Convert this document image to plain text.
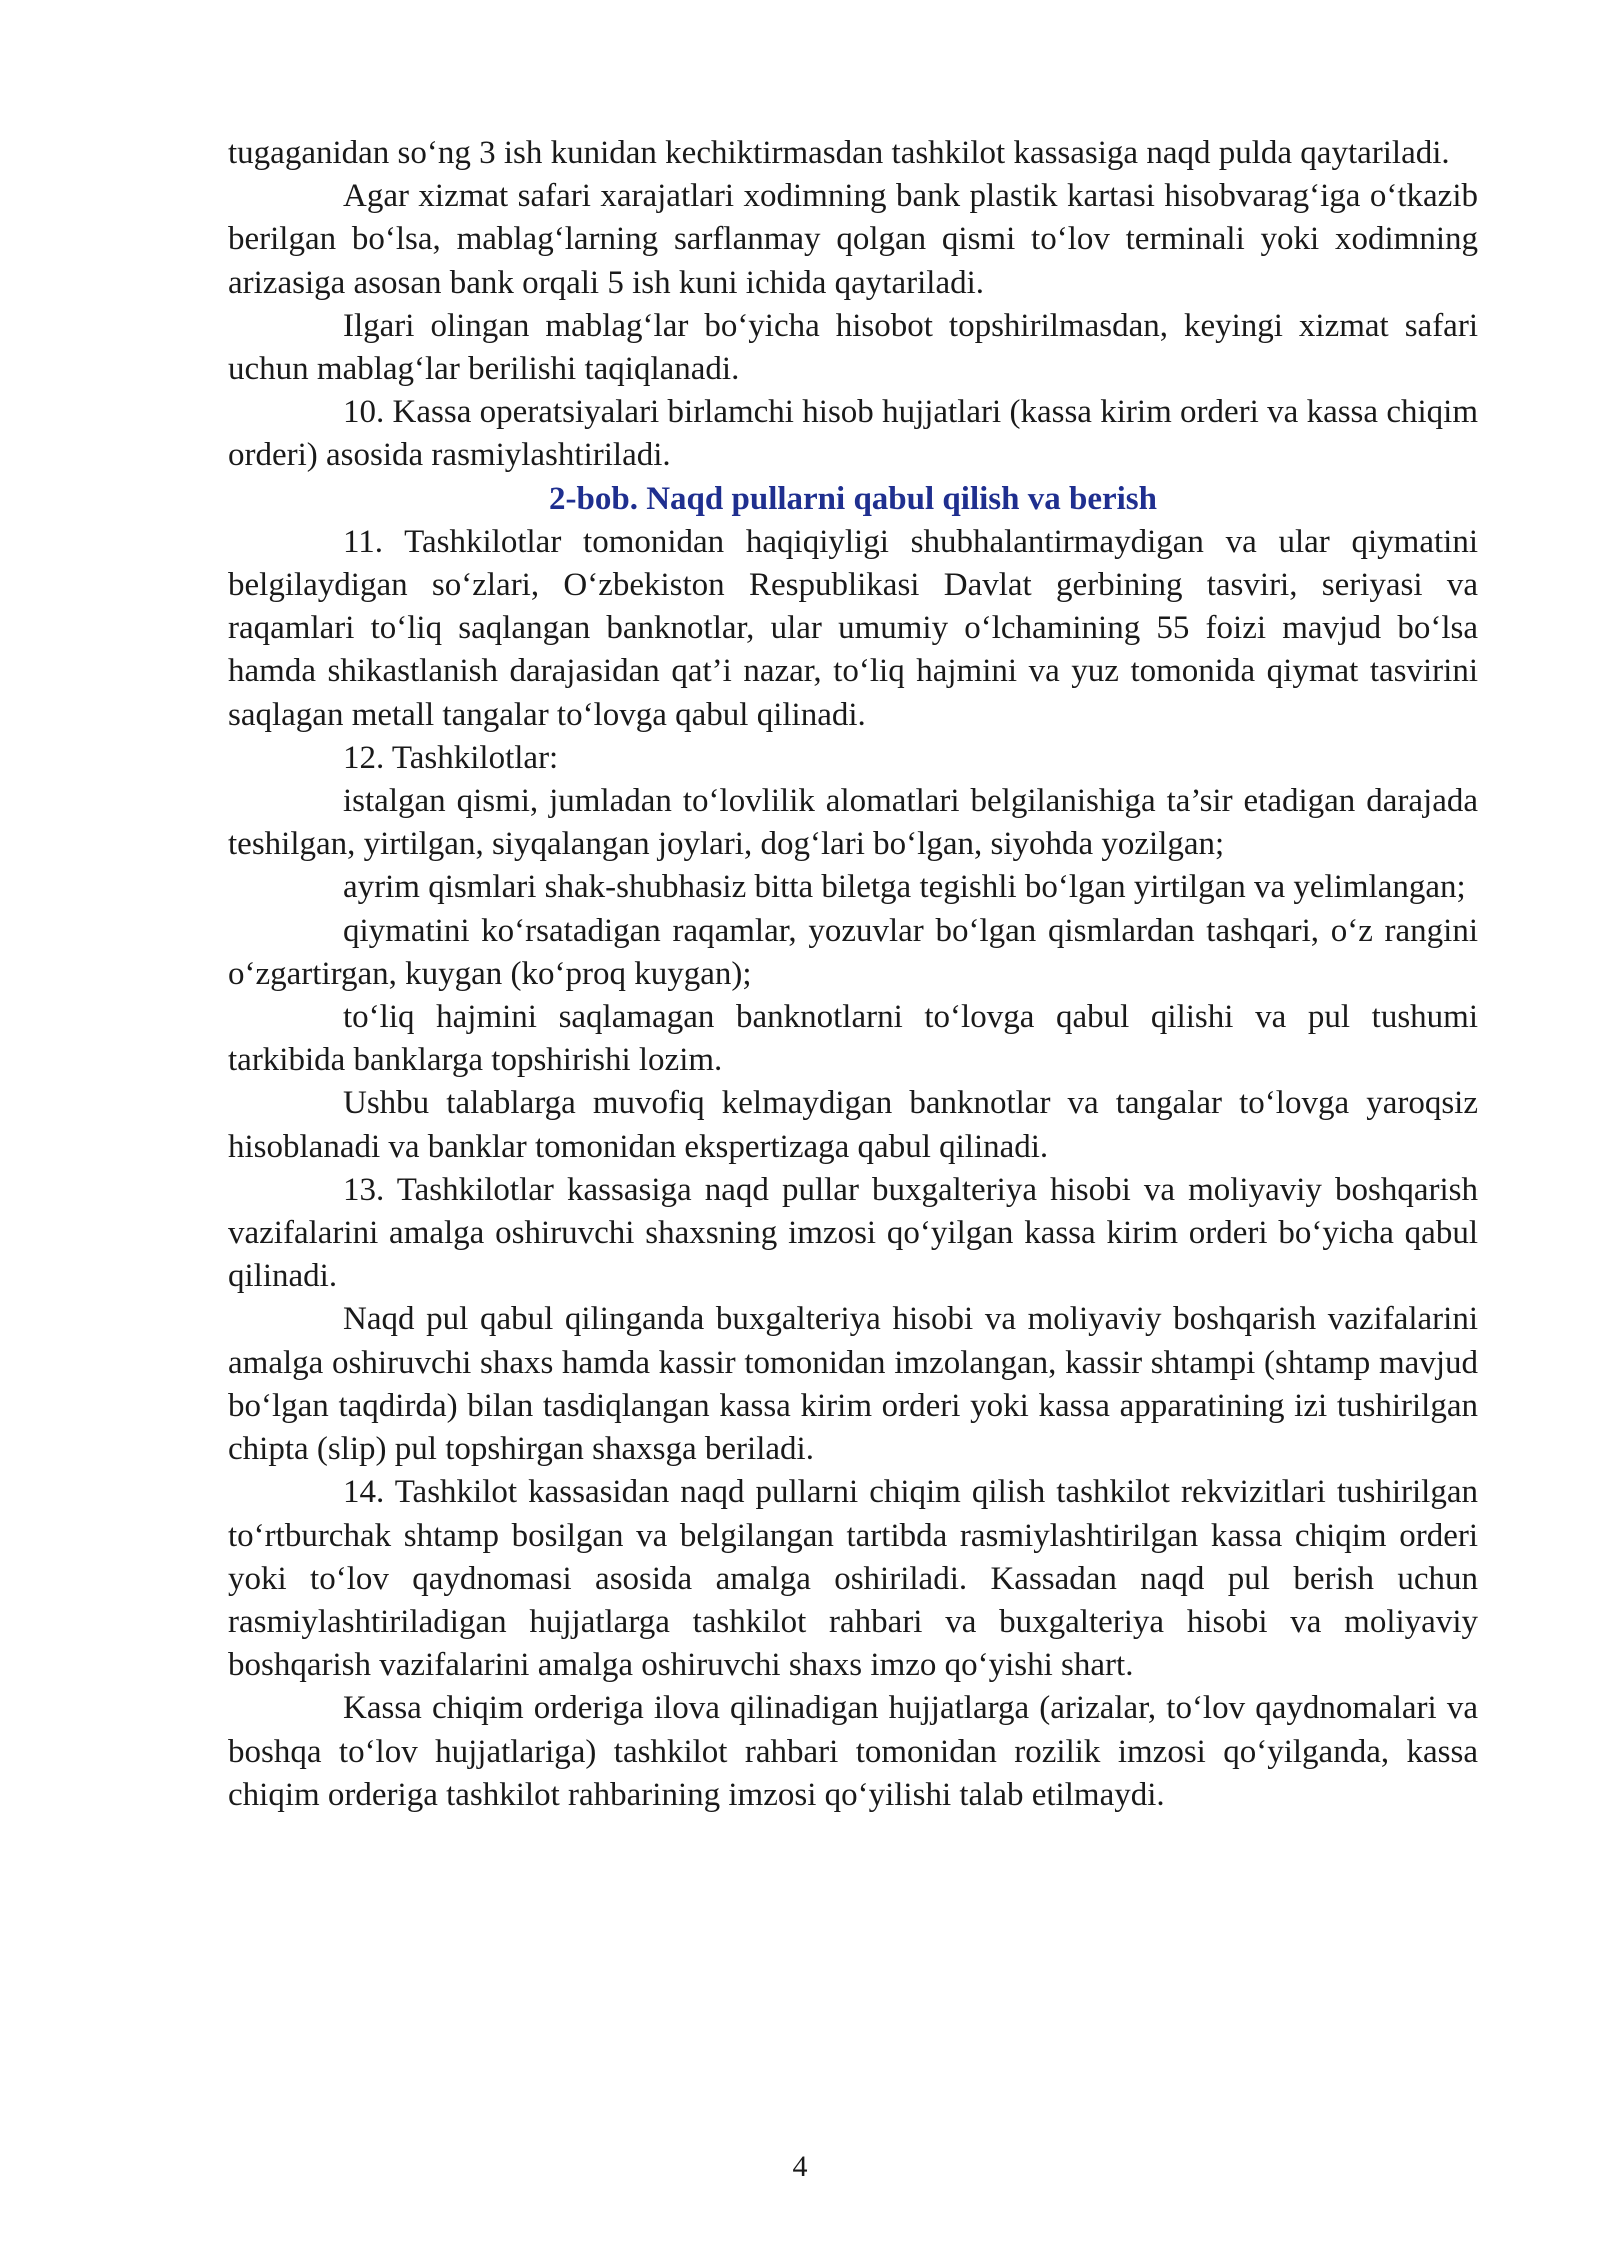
tugaganidan so‘ng 3 ish kunidan kechiktirmasdan tashkilot kassasiga naqd pulda qaytariladi.

Agar xizmat safari xarajatlari xodimning bank plastik kartasi hisobvarag‘iga o‘tkazib berilgan bo‘lsa, mablag‘larning sarflanmay qolgan qismi to‘lov terminali yoki xodimning arizasiga asosan bank orqali 5 ish kuni ichida qaytariladi.

Ilgari olingan mablag‘lar bo‘yicha hisobot topshirilmasdan, keyingi xizmat safari uchun mablag‘lar berilishi taqiqlanadi.

10. Kassa operatsiyalari birlamchi hisob hujjatlari (kassa kirim orderi va kassa chiqim orderi) asosida rasmiylashtiriladi.

2-bob. Naqd pullarni qabul qilish va berish

11. Tashkilotlar tomonidan haqiqiyligi shubhalantirmaydigan va ular qiymatini belgilaydigan so‘zlari, O‘zbekiston Respublikasi Davlat gerbining tasviri, seriyasi va raqamlari to‘liq saqlangan banknotlar, ular umumiy o‘lchamining 55 foizi mavjud bo‘lsa hamda shikastlanish darajasidan qat’i nazar, to‘liq hajmini va yuz tomonida qiymat tasvirini saqlagan metall tangalar to‘lovga qabul qilinadi.

12. Tashkilotlar:

istalgan qismi, jumladan to‘lovlilik alomatlari belgilanishiga ta’sir etadigan darajada teshilgan, yirtilgan, siyqalangan joylari, dog‘lari bo‘lgan, siyohda yozilgan;

ayrim qismlari shak-shubhasiz bitta biletga tegishli bo‘lgan yirtilgan va yelimlangan;

qiymatini ko‘rsatadigan raqamlar, yozuvlar bo‘lgan qismlardan tashqari, o‘z rangini o‘zgartirgan, kuygan (ko‘proq kuygan);

to‘liq hajmini saqlamagan banknotlarni to‘lovga qabul qilishi va pul tushumi tarkibida banklarga topshirishi lozim.

Ushbu talablarga muvofiq kelmaydigan banknotlar va tangalar to‘lovga yaroqsiz hisoblanadi va banklar tomonidan ekspertizaga qabul qilinadi.

13. Tashkilotlar kassasiga naqd pullar buxgalteriya hisobi va moliyaviy boshqarish vazifalarini amalga oshiruvchi shaxsning imzosi qo‘yilgan kassa kirim orderi bo‘yicha qabul qilinadi.

Naqd pul qabul qilinganda buxgalteriya hisobi va moliyaviy boshqarish vazifalarini amalga oshiruvchi shaxs hamda kassir tomonidan imzolangan, kassir shtampi (shtamp mavjud bo‘lgan taqdirda) bilan tasdiqlangan kassa kirim orderi yoki kassa apparatining izi tushirilgan chipta (slip) pul topshirgan shaxsga beriladi.

14. Tashkilot kassasidan naqd pullarni chiqim qilish tashkilot rekvizitlari tushirilgan to‘rtburchak shtamp bosilgan va belgilangan tartibda rasmiylashtirilgan kassa chiqim orderi yoki to‘lov qaydnomasi asosida amalga oshiriladi. Kassadan naqd pul berish uchun rasmiylashtiriladigan hujjatlarga tashkilot rahbari va buxgalteriya hisobi va moliyaviy boshqarish vazifalarini amalga oshiruvchi shaxs imzo qo‘yishi shart.

Kassa chiqim orderiga ilova qilinadigan hujjatlarga (arizalar, to‘lov qaydnomalari va boshqa to‘lov hujjatlariga) tashkilot rahbari tomonidan rozilik imzosi qo‘yilganda, kassa chiqim orderiga tashkilot rahbarining imzosi qo‘yilishi talab etilmaydi.

4
